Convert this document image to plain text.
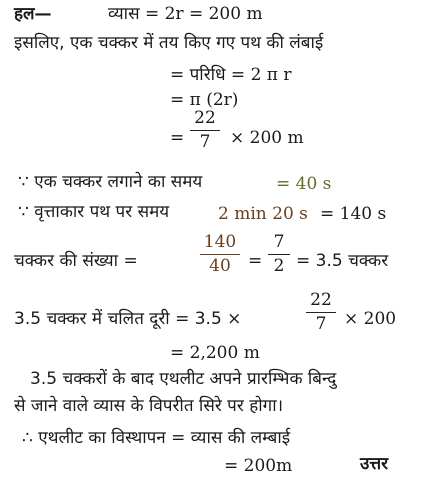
हल—	व्यास = 2r = 200 m
इसलिए, एक चक्कर में तय किए गए पथ की लंबाई
= परिधि = 2 π r
= π (2r)
=
22
7	× 200 m
∵ एक चक्कर लगाने का समय	= 40 s
∵ वृत्ताकार पथ पर समय	2 min 20 s = 140 s
चक्कर की संख्या =
140
40	=
7
2 = 3.5 चक्कर
3.5 चक्कर में चलित दूरी = 3.5 ×
22
7	× 200
= 2,200 m
3.5 चक्करों के बाद एथलीट अपने प्रारम्भिक बिन्दु
से जाने वाले व्यास के विपरीत सिरे पर होगा।
∴ एथलीट का विस्थापन = व्यास की लम्बाई
= 200m	उत्तर
